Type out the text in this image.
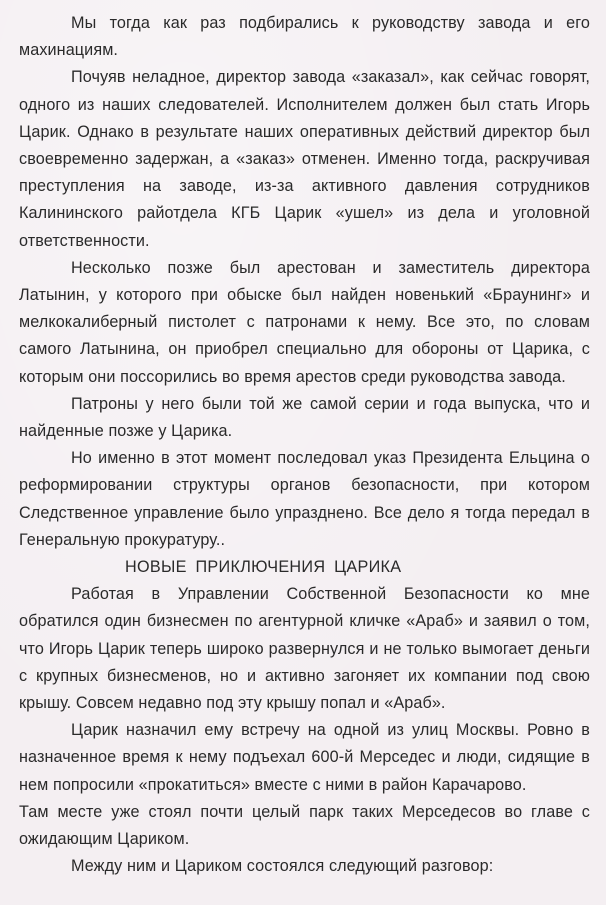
Мы тогда как раз подбирались к руководству завода и его махинациям.

Почуяв неладное, директор завода «заказал», как сейчас говорят, одного из наших следователей. Исполнителем должен был стать Игорь Царик. Однако в результате наших оперативных действий директор был своевременно задержан, а «заказ» отменен. Именно тогда, раскручивая преступления на заводе, из-за активного давления сотрудников Калининского райотдела КГБ Царик «ушел» из дела и уголовной ответственности.

Несколько позже был арестован и заместитель директора Латынин, у которого при обыске был найден новенький «Браунинг» и мелкокалиберный пистолет с патронами к нему. Все это, по словам самого Латынина, он приобрел специально для обороны от Царика, с которым они поссорились во время арестов среди руководства завода.

Патроны у него были той же самой серии и года выпуска, что и найденные позже у Царика.

Но именно в этот момент последовал указ Президента Ельцина о реформировании структуры органов безопасности, при котором Следственное управление было упразднено. Все дело я тогда передал в Генеральную прокуратуру..

НОВЫЕ ПРИКЛЮЧЕНИЯ ЦАРИКА

Работая в Управлении Собственной Безопасности ко мне обратился один бизнесмен по агентурной кличке «Араб» и заявил о том, что Игорь Царик теперь широко развернулся и не только вымогает деньги с крупных бизнесменов, но и активно загоняет их компании под свою крышу. Совсем недавно под эту крышу попал и «Араб».

Царик назначил ему встречу на одной из улиц Москвы. Ровно в назначенное время к нему подъехал 600-й Мерседес и люди, сидящие в нем попросили «прокатиться» вместе с ними в район Карачарово.

Там месте уже стоял почти целый парк таких Мерседесов во главе с ожидающим Цариком.

Между ним и Цариком состоялся следующий разговор:
